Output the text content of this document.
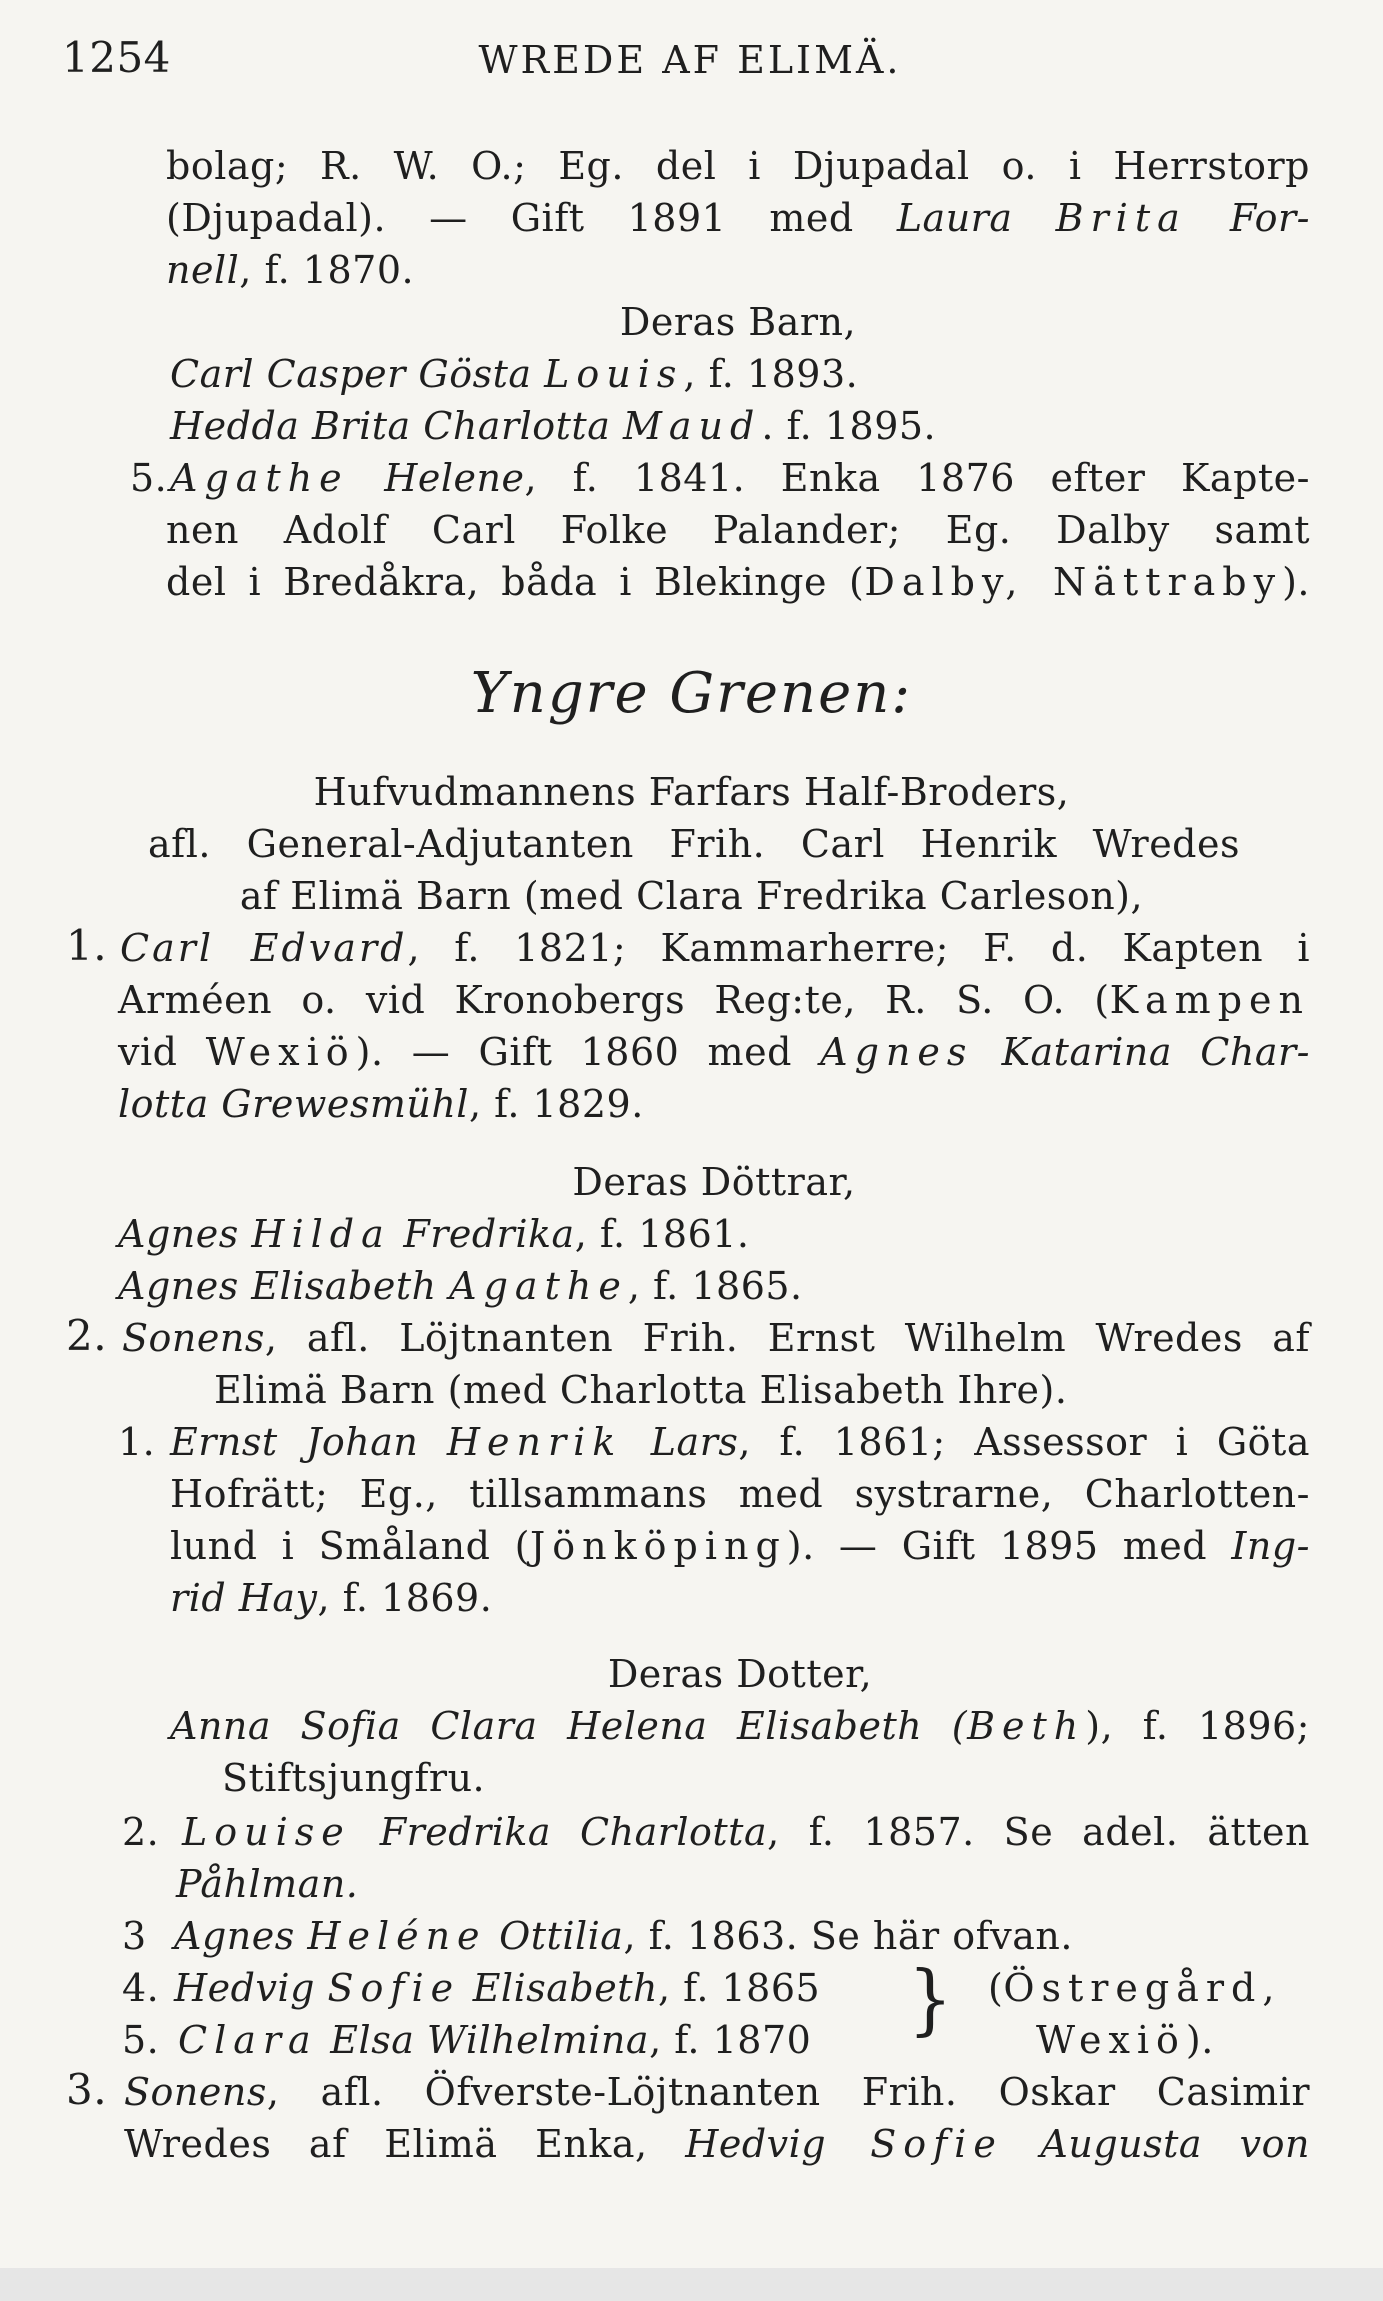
1254	WREDE AF ELIMÄ.
bolag; R. W. O.; Eg. del i Djupadal o. i Herrstorp
(Djupadal). — Gift 1891 med Laura Brita For-
nell, f. 1870.
Deras Barn,
Carl Casper Gösta Louis, f. 1893.
Hedda Brita Charlotta Maud. f. 1895.
5. Agathe Helene, f. 1841. Enka 1876 efter Kapte-
nen Adolf Carl Folke Palander; Eg. Dalby samt
del i Bredåkra, båda i Blekinge (Dalby, Nättraby).
Yngre Grenen:
Hufvudmannens Farfars Half-Broders,
afl. General-Adjutanten Frih. Carl Henrik Wredes
af Elimä Barn (med Clara Fredrika Carleson),
1. Carl Edvard, f. 1821; Kammarherre; F. d. Kapten i
Arméen o. vid Kronobergs Reg:te, R. S. O. (Kampen
vid Wexiö). — Gift 1860 med Agnes Katarina Char-
lotta Grewesmühl, f. 1829.
Deras Döttrar,
Agnes Hilda Fredrika, f. 1861.
Agnes Elisabeth Agathe, f. 1865.
2. Sonens, afl. Löjtnanten Frih. Ernst Wilhelm Wredes af
Elimä Barn (med Charlotta Elisabeth Ihre).
1. Ernst Johan Henrik Lars, f. 1861; Assessor i Göta
Hofrätt; Eg., tillsammans med systrarne, Charlotten-
lund i Småland (Jönköping). — Gift 1895 med Ing-
rid Hay, f. 1869.
Deras Dotter,
Anna Sofia Clara Helena Elisabeth (Beth), f. 1896;
Stiftsjungfru.
2. Louise Fredrika Charlotta, f. 1857. Se adel. ätten
Påhlman.
3 Agnes Heléne Ottilia, f. 1863. Se här ofvan.
4. Hedvig Sofie Elisabeth, f. 1865
5. Clara Elsa Wilhelmina, f. 1870 } (Östregård,
Wexiö).
3. Sonens, afl. Öfverste-Löjtnanten Frih. Oskar Casimir
Wredes af Elimä Enka, Hedvig Sofie Augusta von
